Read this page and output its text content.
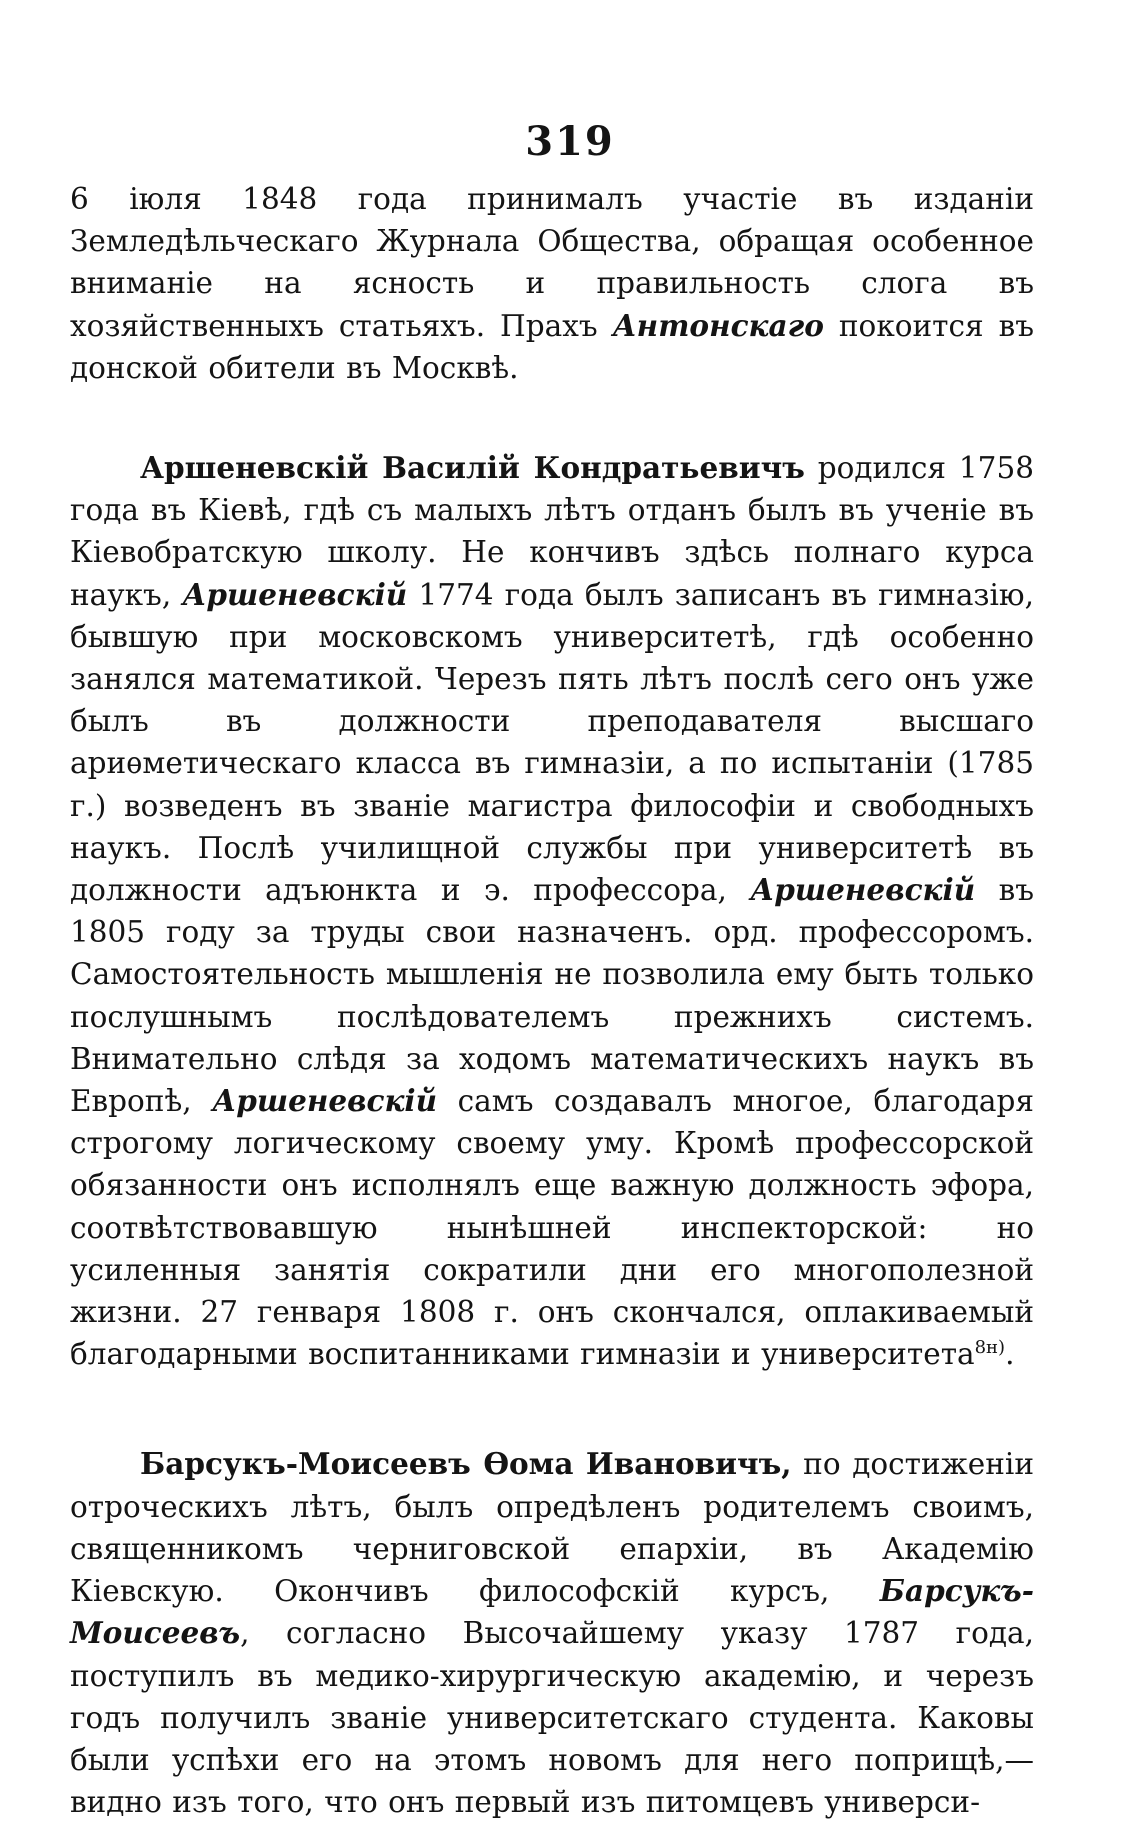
319

6 іюля 1848 года принималъ участіе въ изданіи Земледѣльческаго Журнала Общества, обращая особенное вниманіе на ясность и правильность слога въ хозяйственныхъ статьяхъ. Прахъ Антонскаго покоится въ донской обители въ Москвѣ.

Аршеневскій Василій Кондратьевичъ родился 1758 года въ Кіевѣ, гдѣ съ малыхъ лѣтъ отданъ былъ въ ученіе въ Кіевобратскую школу. Не кончивъ здѣсь полнаго курса наукъ, Аршеневскій 1774 года былъ записанъ въ гимназію, бывшую при московскомъ университетѣ, гдѣ особенно занялся математикой. Черезъ пять лѣтъ послѣ сего онъ уже былъ въ должности преподавателя высшаго ариѳметическаго класса въ гимназіи, а по испытаніи (1785 г.) возведенъ въ званіе магистра философіи и свободныхъ наукъ. Послѣ училищной службы при университетѣ въ должности адъюнкта и э. профессора, Аршеневскій въ 1805 году за труды свои назначенъ. орд. профессоромъ. Самостоятельность мышленія не позволила ему быть только послушнымъ послѣдователемъ прежнихъ системъ. Внимательно слѣдя за ходомъ математическихъ наукъ въ Европѣ, Аршеневскій самъ создавалъ многое, благодаря строгому логическому своему уму. Кромѣ профессорской обязанности онъ исполнялъ еще важную должность эфора, соотвѣтствовавшую нынѣшней инспекторской: но усиленныя занятія сократили дни его многополезной жизни. 27 генваря 1808 г. онъ скончался, оплакиваемый благодарными воспитанниками гимназіи и университета$^{8н)}$.

Барсукъ-Моисеевъ Ѳома Ивановичъ, по достиженіи отроческихъ лѣтъ, былъ опредѣленъ родителемъ своимъ, священникомъ черниговской епархіи, въ Академію Кіевскую. Окончивъ философскій курсъ, Барсукъ-Моисеевъ, согласно Высочайшему указу 1787 года, поступилъ въ медико-хирургическую академію, и черезъ годъ получилъ званіе университетскаго студента. Каковы были успѣхи его на этомъ новомъ для него поприщѣ,— видно изъ того, что онъ первый изъ питомцевъ универси-
